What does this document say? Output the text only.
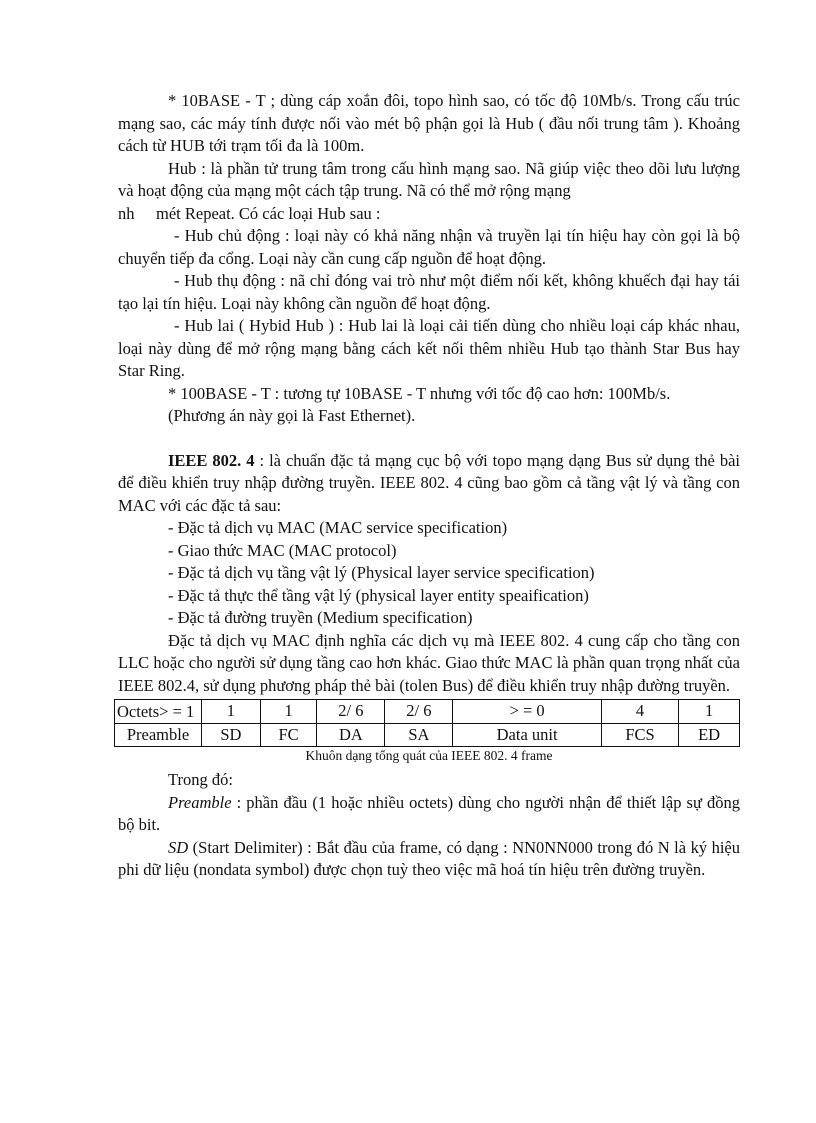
* 10BASE - T ; dùng cáp xoắn đôi, topo hình sao, có tốc độ 10Mb/s. Trong cấu trúc mạng sao, các máy tính được nối vào mét bộ phận gọi là Hub ( đầu nối trung tâm ). Khoảng cách từ HUB tới trạm tối đa là 100m.

Hub : là phần tử trung tâm trong cấu hình mạng sao. Nã giúp việc theo dõi lưu lượng và hoạt động của mạng một cách tập trung. Nã có thể mở rộng mạng

nh mét Repeat. Có các loại Hub sau :

- Hub chủ động : loại này có khả năng nhận và truyền lại tín hiệu hay còn gọi là bộ chuyển tiếp đa cổng. Loại này cần cung cấp nguồn để hoạt động.

- Hub thụ động : nã chỉ đóng vai trò như một điểm nối kết, không khuếch đại hay tái tạo lại tín hiệu. Loại này không cần nguồn để hoạt động.

- Hub lai ( Hybid Hub ) : Hub lai là loại cải tiến dùng cho nhiều loại cáp khác nhau, loại này dùng để mở rộng mạng bằng cách kết nối thêm nhiều Hub tạo thành Star Bus hay Star Ring.

* 100BASE - T : tương tự 10BASE - T nhưng với tốc độ cao hơn: 100Mb/s.

(Phương án này gọi là Fast Ethernet).

IEEE 802. 4 : là chuẩn đặc tả mạng cục bộ với topo mạng dạng Bus sử dụng thẻ bài để điều khiển truy nhập đường truyền. IEEE 802. 4 cũng bao gồm cả tầng vật lý và tầng con MAC với các đặc tả sau:

- Đặc tả dịch vụ MAC (MAC service specification)

- Giao thức MAC (MAC protocol)

- Đặc tả dịch vụ tầng vật lý (Physical layer service specification)

- Đặc tả thực thể tầng vật lý (physical layer entity speaification)

- Đặc tả đường truyền (Medium specification)

Đặc tả dịch vụ MAC định nghĩa các dịch vụ mà IEEE 802. 4 cung cấp cho tầng con LLC hoặc cho người sử dụng tầng cao hơn khác. Giao thức MAC là phần quan trọng nhất của IEEE 802.4, sử dụng phương pháp thẻ bài (tolen Bus) để điều khiển truy nhập đường truyền.

Octets> = 1	1	1	2/ 6	2/ 6	> = 0	4	1
Preamble	SD	FC	DA	SA	Data unit	FCS	ED

Khuôn dạng tổng quát của IEEE 802. 4 frame

Trong đó:

Preamble : phần đầu (1 hoặc nhiều octets) dùng cho người nhận để thiết lập sự đồng bộ bit.

SD (Start Delimiter) : Bắt đầu của frame, có dạng : NN0NN000 trong đó N là ký hiệu phi dữ liệu (nondata symbol) được chọn tuỳ theo việc mã hoá tín hiệu trên đường truyền.
